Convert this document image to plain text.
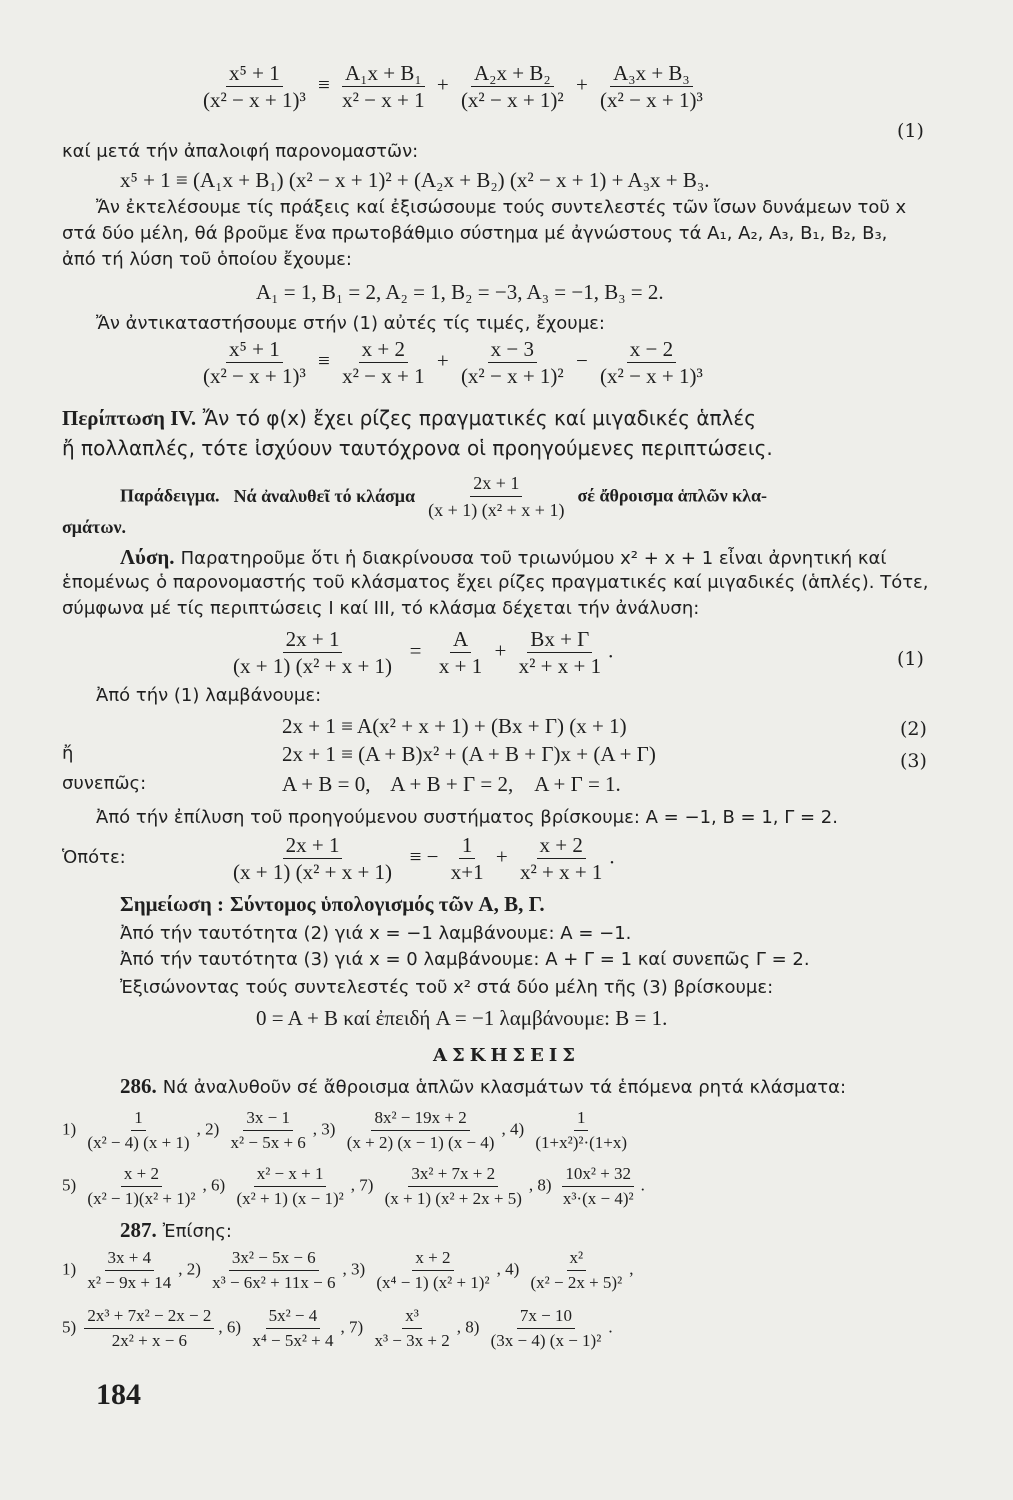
$\frac{\text{x⁵ + 1}}{\text{(x² − x + 1)³}} \equiv \frac{\text{A₁x + B₁}}{\text{x² − x + 1}} + \frac{\text{A₂x + B₂}}{\text{(x² − x + 1)²}} + \frac{\text{A₃x + B₃}}{\text{(x² − x + 1)³}}$
(1)
καί μετά τήν ἀπαλοιφή παρονομαστῶν:
x⁵ + 1 ≡ (A₁x + B₁) (x² − x + 1)² + (A₂x + B₂) (x² − x + 1) + A₃x + B₃.
Ἄν ἐκτελέσουμε τίς πράξεις καί ἐξισώσουμε τούς συντελεστές τῶν ἴσων δυνάμεων τοῦ x
στά δύο μέλη, θά βροῦμε ἕνα πρωτοβάθμιο σύστημα μέ ἀγνώστους τά A₁, A₂, A₃, B₁, B₂, B₃,
ἀπό τή λύση τοῦ ὁποίου ἔχουμε:
A₁ = 1, B₁ = 2, A₂ = 1, B₂ = −3, A₃ = −1, B₃ = 2.
Ἄν ἀντικαταστήσουμε στήν (1) αὐτές τίς τιμές, ἔχουμε:
$\frac{\text{x⁵ + 1}}{\text{(x² − x + 1)³}} \equiv \frac{x + 2}{\text{x² − x + 1}} + \frac{x - 3}{\text{(x² − x + 1)²}} - \frac{x - 2}{\text{(x² − x + 1)³}}$
Περίπτωση IV. Ἄν τό φ(x) ἔχει ρίζες πραγματικές καί μιγαδικές ἁπλές
ἤ πολλαπλές, τότε ἰσχύουν ταυτόχρονα οἱ προηγούμενες περιπτώσεις.
Παράδειγμα. Νά ἀναλυθεῖ τό κλάσμα $\frac{2x + 1}{\text{(x + 1) (x² + x + 1)}}$ σέ ἄθροισμα ἁπλῶν κλα-
σμάτων.
Λύση. Παρατηροῦμε ὅτι ἡ διακρίνουσα τοῦ τριωνύμου x² + x + 1 εἶναι ἀρνητική καί
ἑπομένως ὁ παρονομαστής τοῦ κλάσματος ἔχει ρίζες πραγματικές καί μιγαδικές (ἁπλές). Τότε,
σύμφωνα μέ τίς περιπτώσεις I καί III, τό κλάσμα δέχεται τήν ἀνάλυση:
$\frac{2x + 1}{\text{(x + 1) (x² + x + 1)}} = \frac{A}{x + 1} + \frac{Bx + \Gamma}{\text{x² + x + 1}}$ .	(1)
Ἀπό τήν (1) λαμβάνουμε:
2x + 1 ≡ A(x² + x + 1) + (Bx + Γ) (x + 1)	(2)
ἤ	2x + 1 ≡ (A + B)x² + (A + B + Γ)x + (A + Γ)	(3)
συνεπῶς:	A + B = 0,    A + B + Γ = 2,    A + Γ = 1.
Ἀπό τήν ἐπίλυση τοῦ προηγούμενου συστήματος βρίσκουμε: A = −1, B = 1, Γ = 2.
Ὁπότε:	$\frac{2x + 1}{\text{(x + 1) (x² + x + 1)}}$ ≡ − $\frac{1}{x+1} + \frac{x + 2}{\text{x² + x + 1}}$ .
Σημείωση : Σύντομος ὑπολογισμός τῶν A, B, Γ.
Ἀπό τήν ταυτότητα (2) γιά x = −1 λαμβάνουμε: A = −1.
Ἀπό τήν ταυτότητα (3) γιά x = 0 λαμβάνουμε: A + Γ = 1 καί συνεπῶς Γ = 2.
Ἐξισώνοντας τούς συντελεστές τοῦ x² στά δύο μέλη τῆς (3) βρίσκουμε:
0 = A + B καί ἐπειδή A = −1 λαμβάνουμε: B = 1.
ΑΣΚΗΣΕΙΣ
286. Νά ἀναλυθοῦν σέ ἄθροισμα ἁπλῶν κλασμάτων τά ἑπόμενα ρητά κλάσματα:
$1) \frac{1}{\text{(x² − 4) (x + 1)}}$ , $2) \frac{3x - 1}{\text{x² − 5x + 6}}$ , $3) \frac{\text{8x² − 19x + 2}}{(x + 2) (x - 1) (x - 4)}$ , $4) \frac{1}{\text{(1+x²)²·(1+x)}}$
$5) \frac{x + 2}{\text{(x² − 1)(x² + 1)²}}$ , $6) \frac{\text{x² − x + 1}}{\text{(x² + 1) (x − 1)²}}$ , $7) \frac{\text{3x² + 7x + 2}}{\text{(x + 1) (x² + 2x + 5)}}$ , $8) \frac{\text{10x² + 32}}{\text{x³·(x − 4)²}}$ .
287. Ἐπίσης:
$1) \frac{3x + 4}{\text{x² − 9x + 14}}$ , $2) \frac{\text{3x² − 5x − 6}}{\text{x³ − 6x² + 11x − 6}}$ , $3) \frac{x + 2}{\text{(x⁴ − 1) (x² + 1)²}}$ , $4) \frac{\text{x²}}{\text{(x² − 2x + 5)²}}$ ,
$5) \frac{\text{2x³ + 7x² − 2x − 2}}{\text{2x² + x − 6}}$ , $6) \frac{\text{5x² − 4}}{\text{x⁴ − 5x² + 4}}$ , $7) \frac{\text{x³}}{\text{x³ − 3x + 2}}$ , $8) \frac{7x - 10}{\text{(3x − 4) (x − 1)²}}$ .
184
